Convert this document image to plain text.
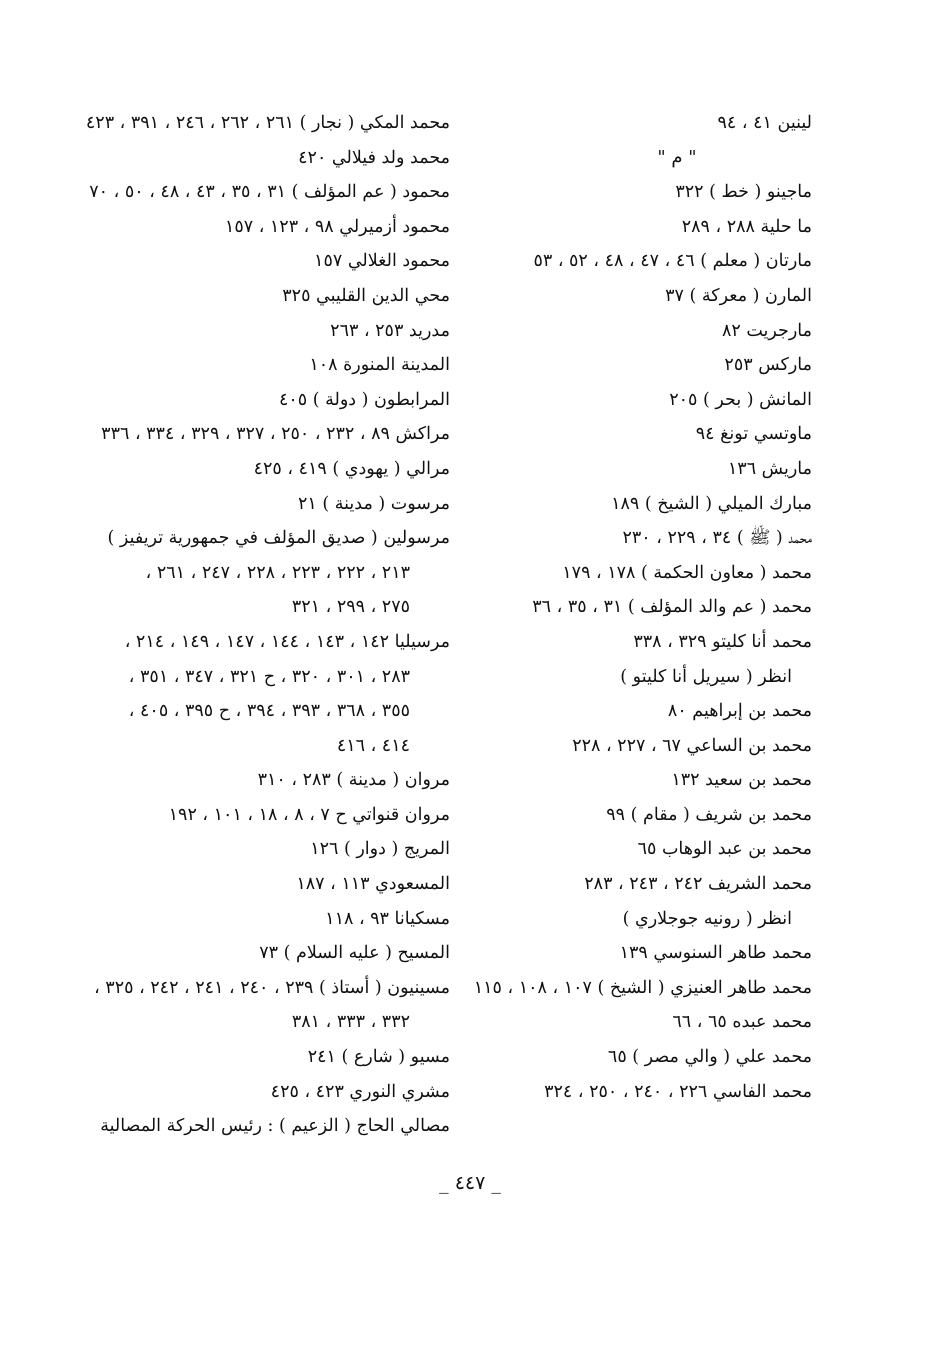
لينين ٤١ ، ٩٤
" م "
ماجينو ( خط ) ٣٢٢
ما حلية ٢٨٨ ، ٢٨٩
مارتان ( معلم ) ٤٦ ، ٤٧ ، ٤٨ ، ٥٢ ، ٥٣
المارن ( معركة ) ٣٧
مارجريت ٨٢
ماركس ٢٥٣
المانش ( بحر ) ٢٠٥
ماوتسي تونغ ٩٤
ماريش ١٣٦
مبارك الميلي ( الشيخ ) ١٨٩
محمد ( ﷺ ) ٣٤ ، ٢٢٩ ، ٢٣٠
محمد ( معاون الحكمة ) ١٧٨ ، ١٧٩
محمد ( عم والد المؤلف ) ٣١ ، ٣٥ ، ٣٦
محمد أنا كليتو ٣٢٩ ، ٣٣٨
انظر ( سيريل أنا كليتو )
محمد بن إبراهيم ٨٠
محمد بن الساعي ٦٧ ، ٢٢٧ ، ٢٢٨
محمد بن سعيد ١٣٢
محمد بن شريف ( مقام ) ٩٩
محمد بن عبد الوهاب ٦٥
محمد الشريف ٢٤٢ ، ٢٤٣ ، ٢٨٣
انظر ( رونيه جوجلاري )
محمد طاهر السنوسي ١٣٩
محمد طاهر العنيزي ( الشيخ ) ١٠٧ ، ١٠٨ ، ١١٥
محمد عبده ٦٥ ، ٦٦
محمد علي ( والي مصر ) ٦٥
محمد الفاسي ٢٢٦ ، ٢٤٠ ، ٢٥٠ ، ٣٢٤
محمد المكي ( نجار ) ٢٦١ ، ٢٦٢ ، ٢٤٦ ، ٣٩١ ، ٤٢٣
محمد ولد فيلالي ٤٢٠
محمود ( عم المؤلف ) ٣١ ، ٣٥ ، ٤٣ ، ٤٨ ، ٥٠ ، ٧٠
محمود أزميرلي ٩٨ ، ١٢٣ ، ١٥٧
محمود الغلالي ١٥٧
محي الدين القليبي ٣٢٥
مدريد ٢٥٣ ، ٢٦٣
المدينة المنورة ١٠٨
المرابطون ( دولة ) ٤٠٥
مراكش ٨٩ ، ٢٣٢ ، ٢٥٠ ، ٣٢٧ ، ٣٢٩ ، ٣٣٤ ، ٣٣٦
مرالي ( يهودي ) ٤١٩ ، ٤٢٥
مرسوت ( مدينة ) ٢١
مرسولين ( صديق المؤلف في جمهورية تريفيز )
٢١٣ ، ٢٢٢ ، ٢٢٣ ، ٢٢٨ ، ٢٤٧ ، ٢٦١ ،
٢٧٥ ، ٢٩٩ ، ٣٢١
مرسيليا ١٤٢ ، ١٤٣ ، ١٤٤ ، ١٤٧ ، ١٤٩ ، ٢١٤ ،
٢٨٣ ، ٣٠١ ، ٣٢٠ ، ح ٣٢١ ، ٣٤٧ ، ٣٥١ ،
٣٥٥ ، ٣٦٨ ، ٣٩٣ ، ٣٩٤ ، ح ٣٩٥ ، ٤٠٥ ،
٤١٤ ، ٤١٦
مروان ( مدينة ) ٢٨٣ ، ٣١٠
مروان قنواتي ح ٧ ، ٨ ، ١٨ ، ١٠١ ، ١٩٢
المريج ( دوار ) ١٢٦
المسعودي ١١٣ ، ١٨٧
مسكيانا ٩٣ ، ١١٨
المسيح ( عليه السلام ) ٧٣
مسينيون ( أستاذ ) ٢٣٩ ، ٢٤٠ ، ٢٤١ ، ٢٤٢ ، ٣٢٥ ،
٣٣٢ ، ٣٣٣ ، ٣٨١
مسيو ( شارع ) ٢٤١
مشري النوري ٤٢٣ ، ٤٢٥
مصالي الحاج ( الزعيم ) : رئيس الحركة المصالية
_ ٤٤٧ _
